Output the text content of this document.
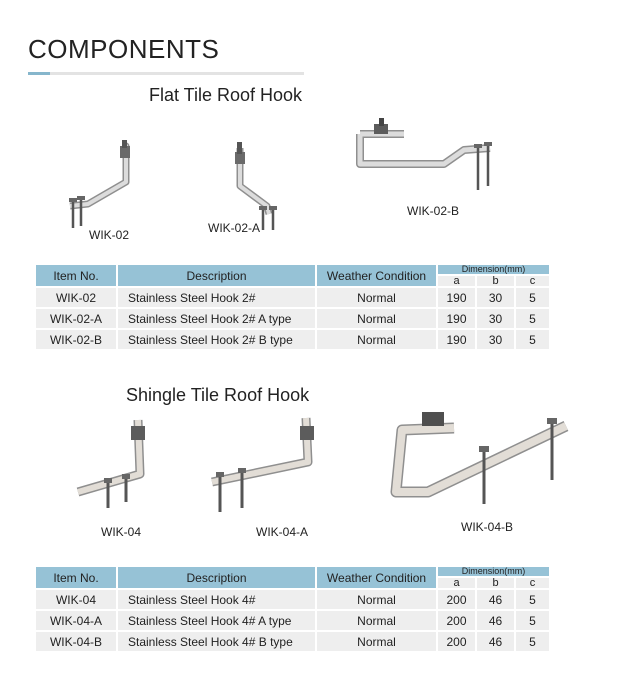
COMPONENTS
Flat Tile Roof Hook
WIK-02	WIK-02-A
WIK-02-B
Item No.	Description	Weather Condition	Dimension(mm)		
			a	b	c
WIK-02	Stainless Steel Hook 2#	Normal	190	30	5
WIK-02-A	Stainless Steel Hook 2# A type	Normal	190	30	5
WIK-02-B	Stainless Steel Hook 2# B type	Normal	190	30	5
Shingle Tile Roof Hook
WIK-04	WIK-04-A	WIK-04-B
Item No.	Description	Weather Condition	Dimension(mm)		
			a	b	c
WIK-04	Stainless Steel Hook 4#	Normal	200	46	5
WIK-04-A	Stainless Steel Hook 4# A type	Normal	200	46	5
WIK-04-B	Stainless Steel Hook 4# B type	Normal	200	46	5
